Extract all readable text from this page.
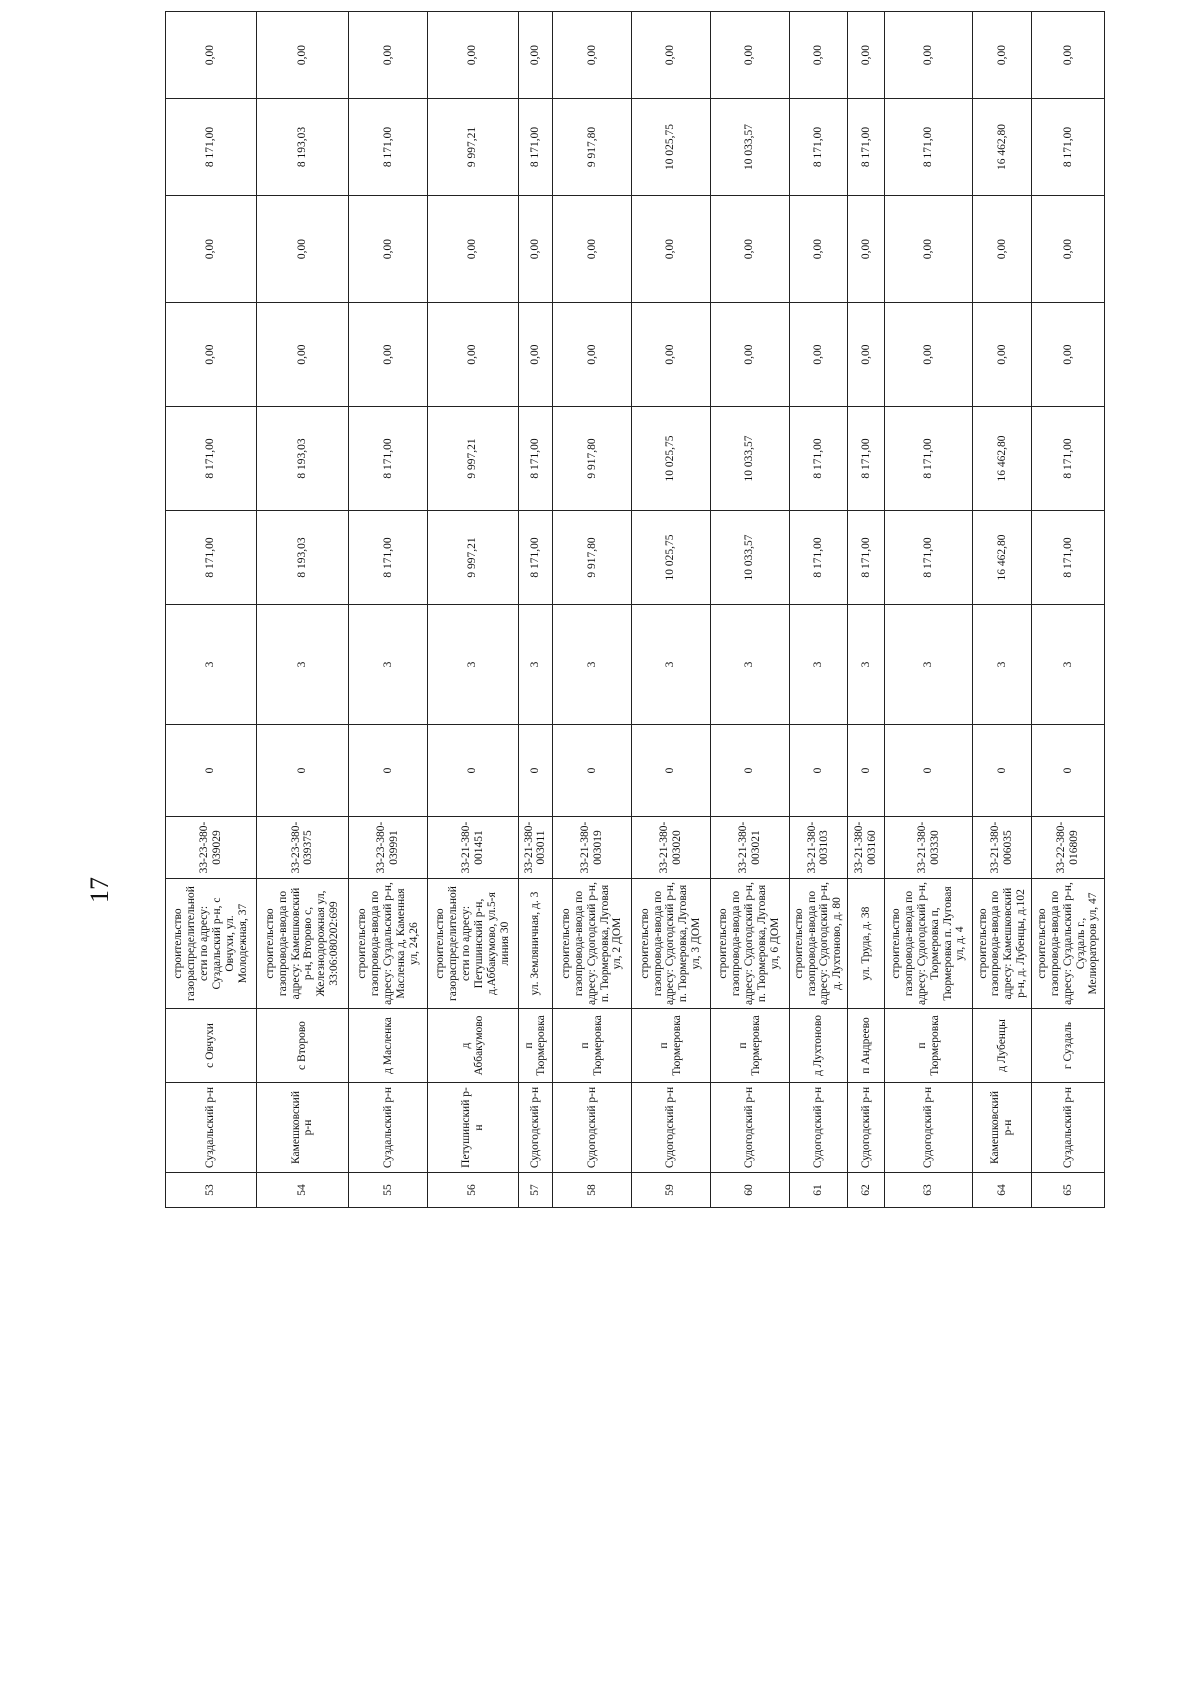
17
53	Суздальский р-н	с Овчухи	строительство газораспределительной сети по адресу: Суздальский р-н, с Овчухи, ул. Молодежная, 37	33-23-380-039029	0	3	8 171,00	8 171,00	0,00	0,00	8 171,00	0,00
54	Камешковский р-н	с Второво	строительство газопровода-ввода по адресу: Камешковский р-н, Второво с, Железнодорожная ул, 33:06:080202:699	33-23-380-039375	0	3	8 193,03	8 193,03	0,00	0,00	8 193,03	0,00
55	Суздальский р-н	д Масленка	строительство газопровода-ввода по адресу: Суздальский р-н, Масленка д, Каменная ул, 24,26	33-23-380-039991	0	3	8 171,00	8 171,00	0,00	0,00	8 171,00	0,00
56	Петушинский р-н	д Аббакумово	строительство газораспределительной сети по адресу: Петушинский р-н, д.Аббакумово, ул.5-я линия 30	33-21-380-001451	0	3	9 997,21	9 997,21	0,00	0,00	9 997,21	0,00
57	Судогодский р-н	п Тюрмеровка	ул. Земляничная, д. 3	33-21-380-003011	0	3	8 171,00	8 171,00	0,00	0,00	8 171,00	0,00
58	Судогодский р-н	п Тюрмеровка	строительство газопровода-ввода по адресу: Судогодский р-н, п. Тюрмеровка, Луговая ул, 2 ДОМ	33-21-380-003019	0	3	9 917,80	9 917,80	0,00	0,00	9 917,80	0,00
59	Судогодский р-н	п Тюрмеровка	строительство газопровода-ввода по адресу: Судогодский р-н, п. Тюрмеровка, Луговая ул, 3 ДОМ	33-21-380-003020	0	3	10 025,75	10 025,75	0,00	0,00	10 025,75	0,00
60	Судогодский р-н	п Тюрмеровка	строительство газопровода-ввода по адресу: Судогодский р-н, п. Тюрмеровка, Луговая ул, 6 ДОМ	33-21-380-003021	0	3	10 033,57	10 033,57	0,00	0,00	10 033,57	0,00
61	Судогодский р-н	д Лухтоново	строительство газопровода-ввода по адресу: Судогодский р-н, д. Лухтоново, д. 80	33-21-380-003103	0	3	8 171,00	8 171,00	0,00	0,00	8 171,00	0,00
62	Судогодский р-н	п Андреево	ул. Труда, д. 38	33-21-380-003160	0	3	8 171,00	8 171,00	0,00	0,00	8 171,00	0,00
63	Судогодский р-н	п Тюрмеровка	строительство газопровода-ввода по адресу: Судогодский р-н, Тюрмеровка п, Тюрмеровка п. Луговая ул, д. 4	33-21-380-003330	0	3	8 171,00	8 171,00	0,00	0,00	8 171,00	0,00
64	Камешковский р-н	д Лубенцы	строительство газопровода-ввода по адресу: Камешковский р-н, д. Лубенцы, д.102	33-21-380-006035	0	3	16 462,80	16 462,80	0,00	0,00	16 462,80	0,00
65	Суздальский р-н	г Суздаль	строительство газопровода-ввода по адресу: Суздальский р-н, Суздаль г., Мелиораторов ул, 47	33-22-380-016809	0	3	8 171,00	8 171,00	0,00	0,00	8 171,00	0,00
